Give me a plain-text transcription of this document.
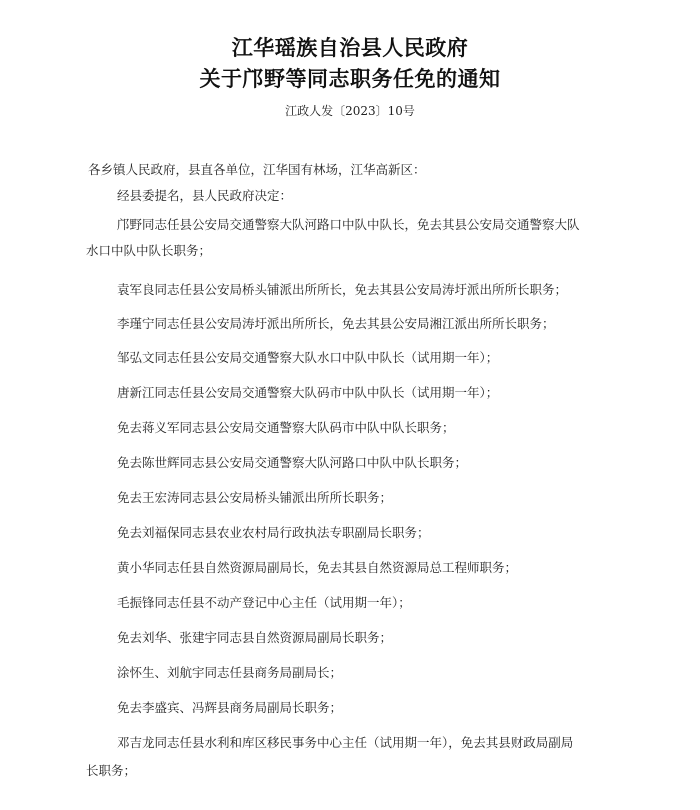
江华瑶族自治县人民政府
关于邝野等同志职务任免的通知
江政人发〔2023〕10号
各乡镇人民政府，县直各单位，江华国有林场，江华高新区：
经县委提名，县人民政府决定：
邝野同志任县公安局交通警察大队河路口中队中队长，免去其县公安局交通警察大队
水口中队中队长职务；
袁军良同志任县公安局桥头铺派出所所长，免去其县公安局涛圩派出所所长职务；
李瑾宁同志任县公安局涛圩派出所所长，免去其县公安局湘江派出所所长职务；
邹弘文同志任县公安局交通警察大队水口中队中队长（试用期一年）；
唐新江同志任县公安局交通警察大队码市中队中队长（试用期一年）；
免去蒋义军同志县公安局交通警察大队码市中队中队长职务；
免去陈世辉同志县公安局交通警察大队河路口中队中队长职务；
免去王宏涛同志县公安局桥头铺派出所所长职务；
免去刘福保同志县农业农村局行政执法专职副局长职务；
黄小华同志任县自然资源局副局长，免去其县自然资源局总工程师职务；
毛振锋同志任县不动产登记中心主任（试用期一年）；
免去刘华、张建宇同志县自然资源局副局长职务；
涂怀生、刘航宇同志任县商务局副局长；
免去李盛宾、冯辉县商务局副局长职务；
邓吉龙同志任县水利和库区移民事务中心主任（试用期一年），免去其县财政局副局
长职务；
